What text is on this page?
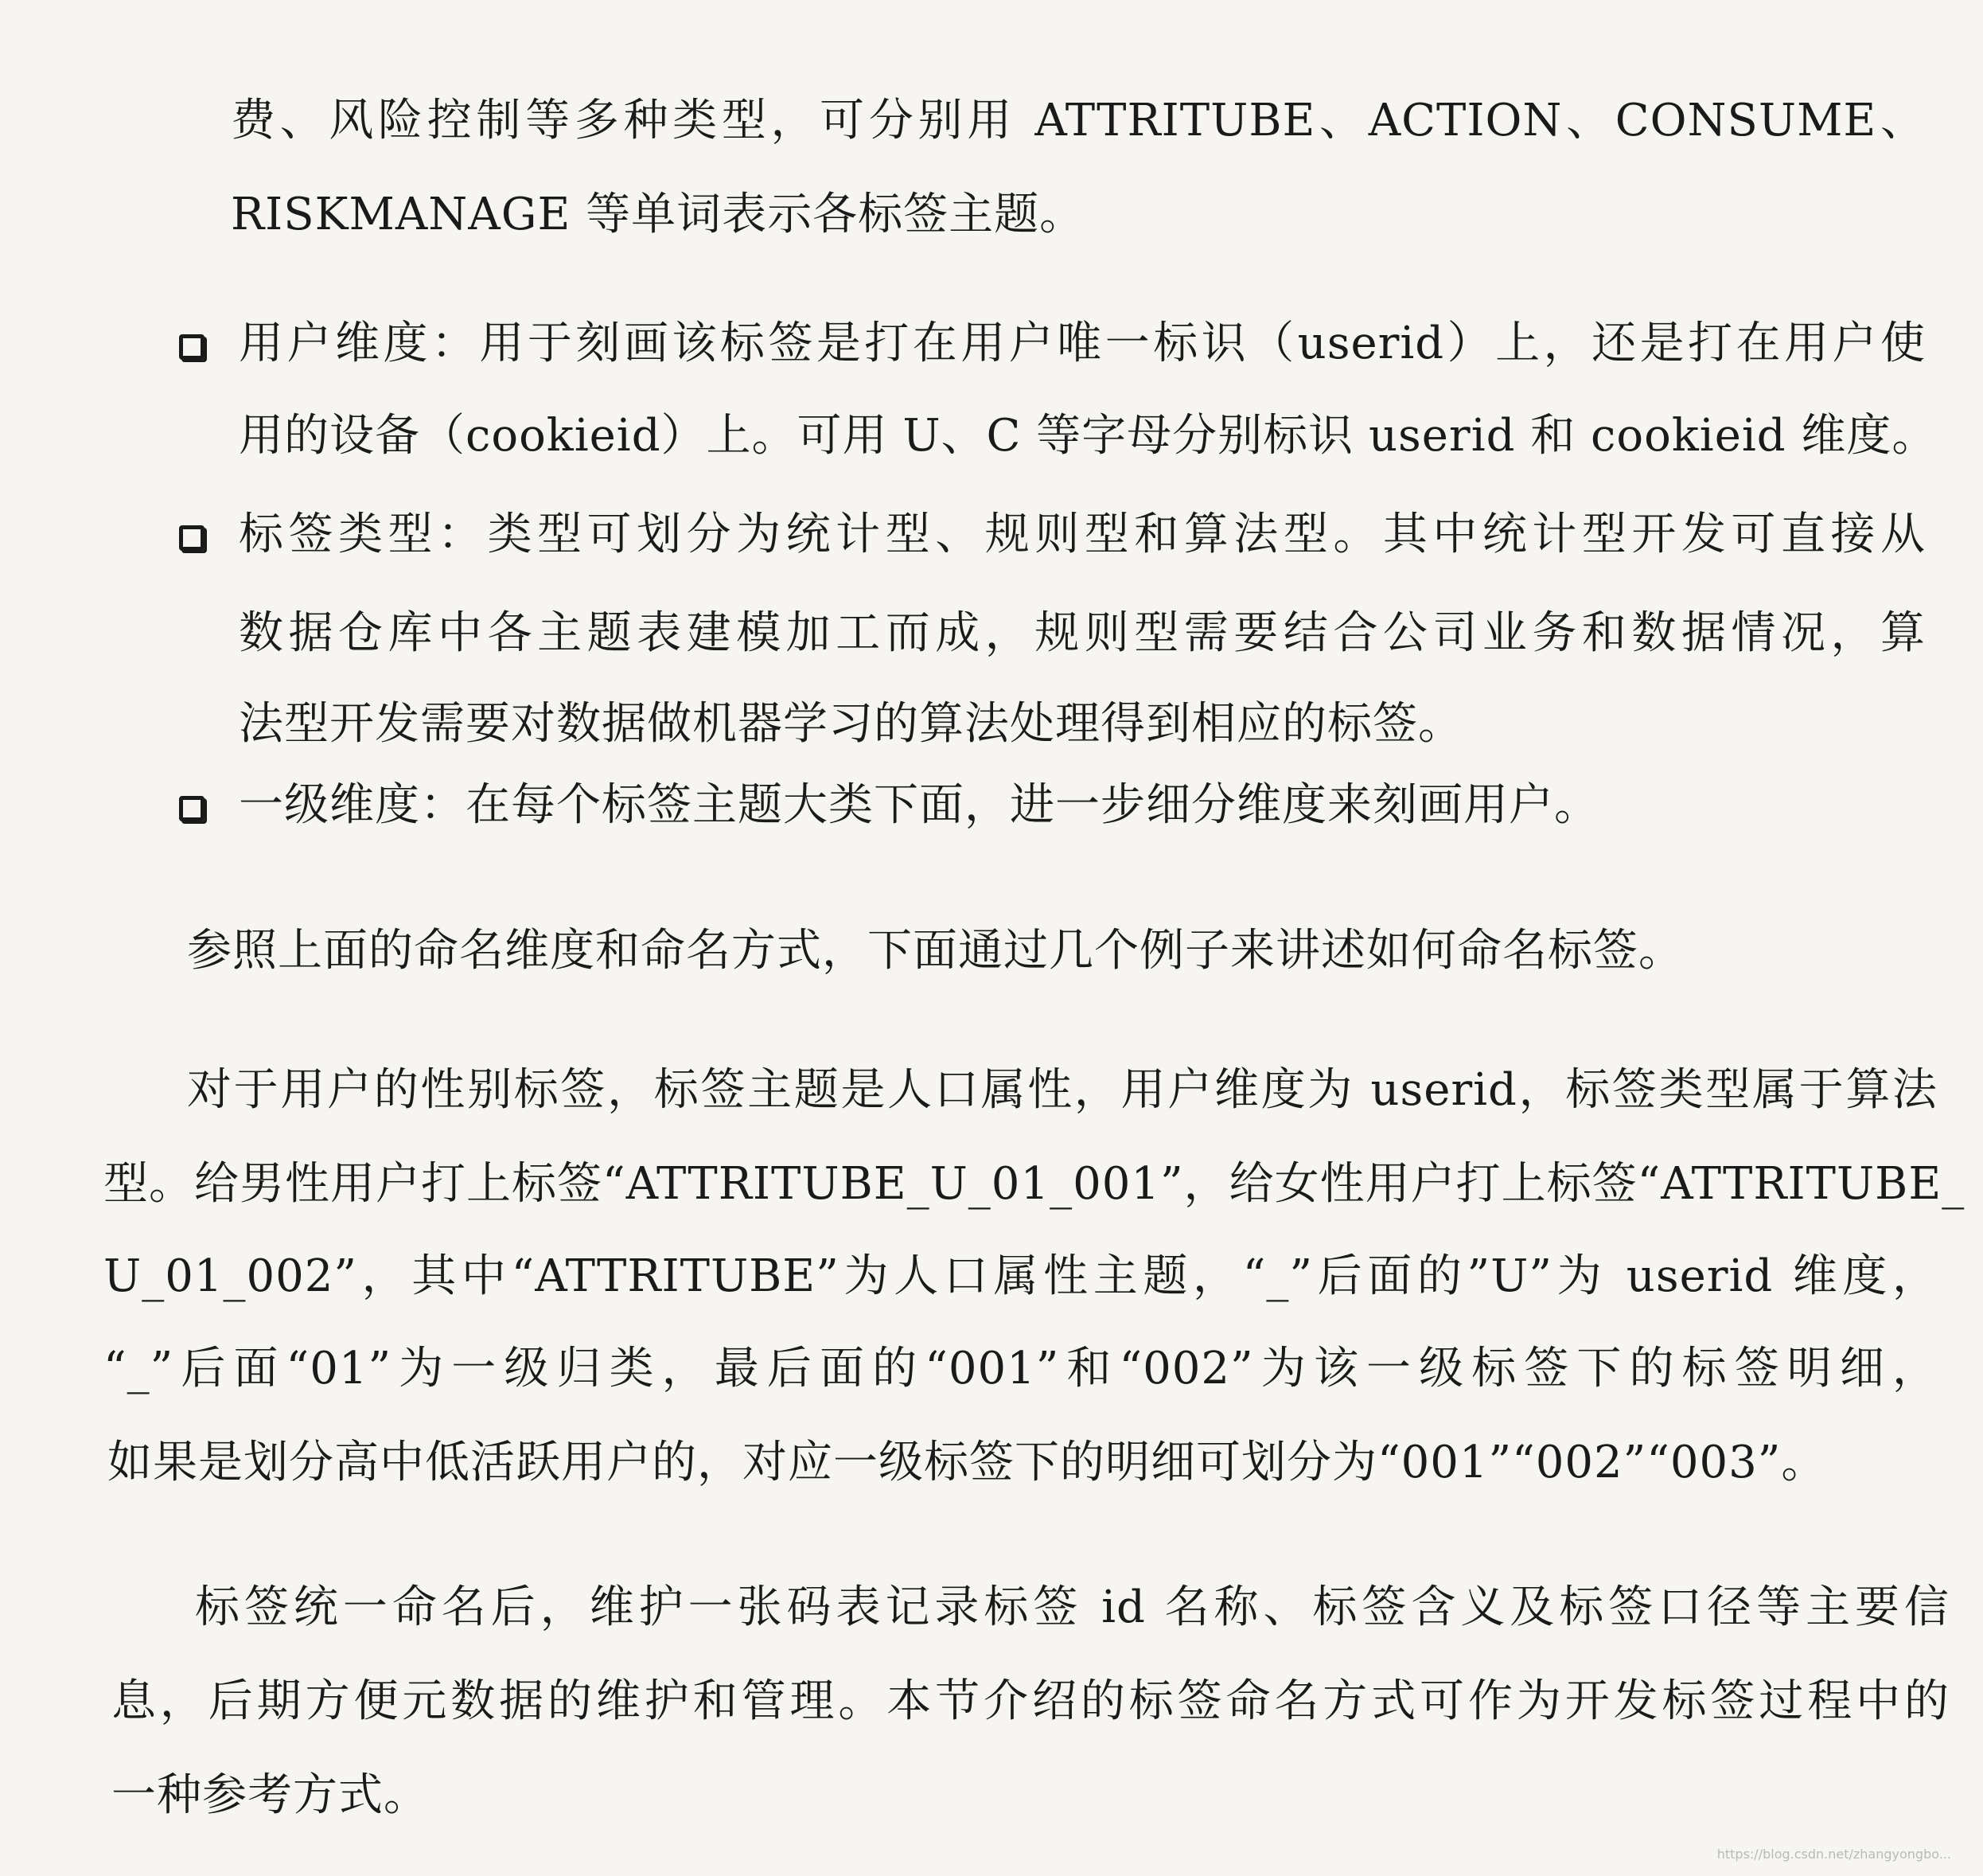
费、风险控制等多种类型，可分别用 ATTRITUBE、ACTION、CONSUME、
RISKMANAGE 等单词表示各标签主题。
用户维度：用于刻画该标签是打在用户唯一标识（userid）上，还是打在用户使
用的设备（cookieid）上。可用 U、C 等字母分别标识 userid 和 cookieid 维度。
标签类型：类型可划分为统计型、规则型和算法型。其中统计型开发可直接从
数据仓库中各主题表建模加工而成，规则型需要结合公司业务和数据情况，算
法型开发需要对数据做机器学习的算法处理得到相应的标签。
一级维度：在每个标签主题大类下面，进一步细分维度来刻画用户。
参照上面的命名维度和命名方式，下面通过几个例子来讲述如何命名标签。
对于用户的性别标签，标签主题是人口属性，用户维度为 userid，标签类型属于算法
型。给男性用户打上标签“ATTRITUBE_U_01_001”，给女性用户打上标签“ATTRITUBE_
U_01_002”，其中“ATTRITUBE”为人口属性主题，“_”后面的”U”为 userid 维度，
“_”后面“01”为一级归类，最后面的“001”和“002”为该一级标签下的标签明细，
如果是划分高中低活跃用户的，对应一级标签下的明细可划分为“001”“002”“003”。
标签统一命名后，维护一张码表记录标签 id 名称、标签含义及标签口径等主要信
息，后期方便元数据的维护和管理。本节介绍的标签命名方式可作为开发标签过程中的
一种参考方式。
https://blog.csdn.net/zhangyongbo...
